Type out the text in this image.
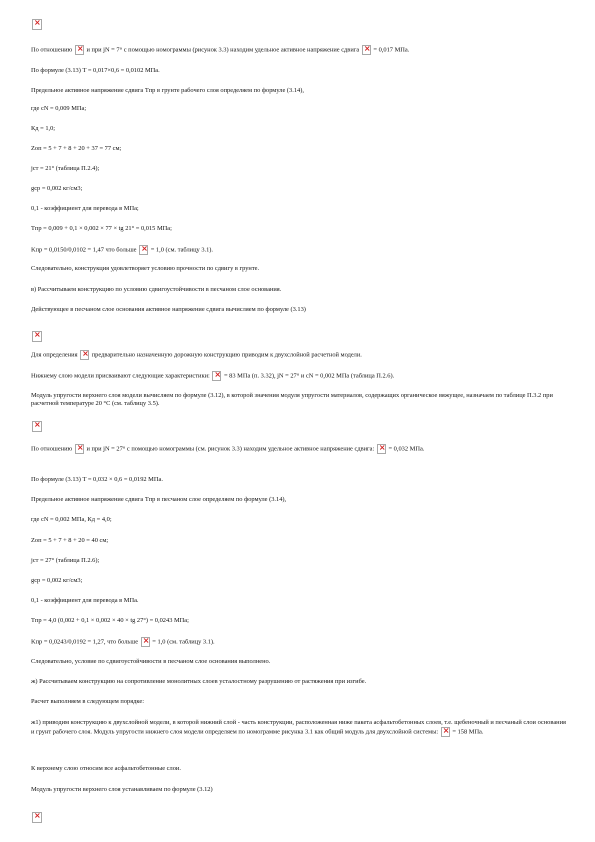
×
По отношению × и при jN = 7° с помощью номограммы (рисунок 3.3) находим удельное активное напряжение сдвига × = 0,017 МПа.
По формуле (3.13) T = 0,017×0,6 = 0,0102 МПа.
Предельное активное напряжение сдвига Tпр в грунте рабочего слоя определяем по формуле (3.14),
где сN = 0,009 МПа;
Кд = 1,0;
Zоп = 5 + 7 + 8 + 20 + 37 = 77 см;
jcт = 21° (таблица П.2.4);
gср = 0,002 кг/см3;
0,1 - коэффициент для перевода в МПа;
Tпр = 0,009 + 0,1 × 0,002 × 77 × tg 21° = 0,015 МПа;
Kпр = 0,0150/0,0102 = 1,47 что больше × = 1,0 (см. таблицу 3.1).
Следовательно, конструкция удовлетворяет условию прочности по сдвигу в грунте.
в) Рассчитываем конструкцию по условию сдвигоустойчивости в песчаном слое основания.
Действующее в песчаном слое основания активное напряжение сдвига вычисляем по формуле (3.13)
×
Для определения × предварительно назначенную дорожную конструкцию приводим к двухслойной расчетной модели.
Нижнему слою модели присваивают следующие характеристики: × = 83 МПа (п. 3.32), jN = 27° и сN = 0,002 МПа (таблица П.2.6).
Модуль упругости верхнего слоя модели вычисляем по формуле (3.12), в которой значения модуля упругости материалов, содержащих органическое вяжущее, назначаем по таблице П.3.2 при расчетной температуре 20 °С (см. таблицу 3.5).
×
По отношению × и при jN = 27° с помощью номограммы (см. рисунок 3.3) находим удельное активное напряжение сдвига: × = 0,032 МПа.
По формуле (3.13) T = 0,032 × 0,6 = 0,0192 МПа.
Предельное активное напряжение сдвига Tпр в песчаном слое определяем по формуле (3.14),
где сN = 0,002 МПа, Кд = 4,0;
Zоп = 5 + 7 + 8 + 20 = 40 см;
jcт = 27° (таблица П.2.6);
gср = 0,002 кг/см3;
0,1 - коэффициент для перевода в МПа.
Tпр = 4,0 (0,002 + 0,1 × 0,002 × 40 × tg 27°) = 0,0243 МПа;
Kпр = 0,0243/0,0192 = 1,27, что больше × = 1,0 (см. таблицу 3.1).
Следовательно, условие по сдвигоустойчивости в песчаном слое основания выполнено.
ж) Рассчитываем конструкцию на сопротивление монолитных слоев усталостному разрушению от растяжения при изгибе.
Расчет выполняем в следующем порядке:
ж1) приводим конструкцию к двухслойной модели, в которой нижний слой - часть конструкции, расположенная ниже пакета асфальтобетонных слоев, т.е. щебеночный и песчаный слои основания и грунт рабочего слоя. Модуль упругости нижнего слоя модели определяем по номограмме рисунка 3.1 как общий модуль для двухслойной системы: × = 158 МПа.
К верхнему слою относим все асфальтобетонные слои.
Модуль упругости верхнего слоя устанавливаем по формуле (3.12)
×
